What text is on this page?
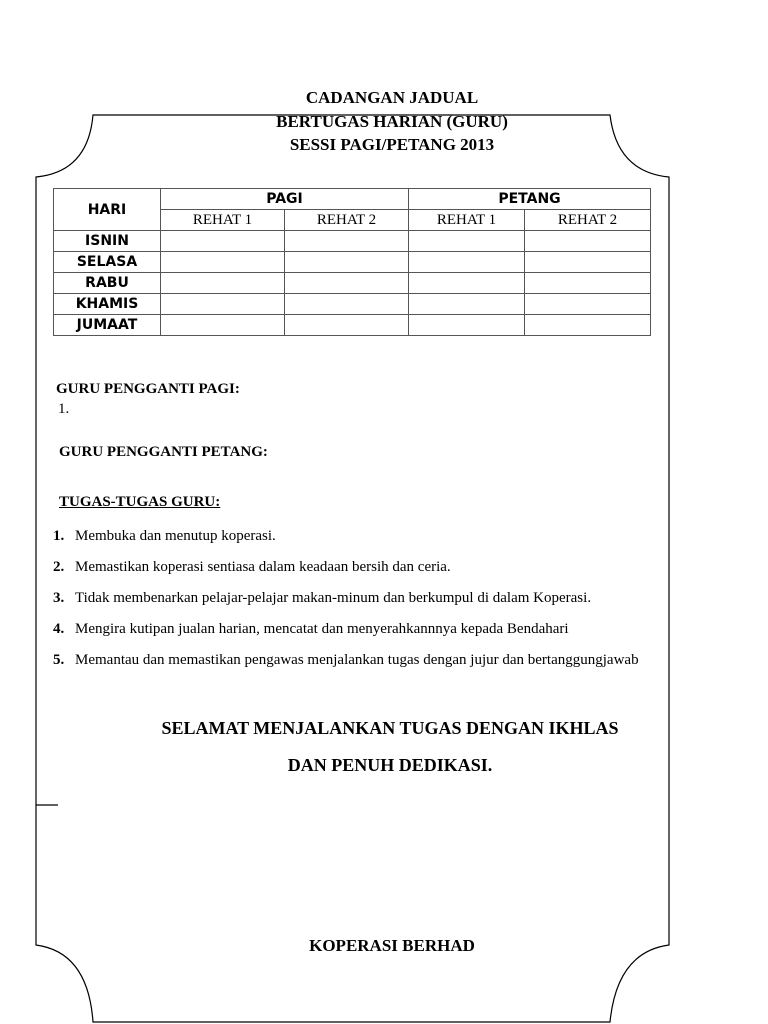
CADANGAN JADUAL
BERTUGAS HARIAN (GURU)
SESSI PAGI/PETANG 2013
HARI	PAGI		PETANG	
	REHAT 1	REHAT 2	REHAT 1	REHAT 2
ISNIN				
SELASA				
RABU				
KHAMIS				
JUMAAT				
GURU PENGGANTI PAGI:
1.
GURU PENGGANTI PETANG:
TUGAS-TUGAS GURU:
1. Membuka dan menutup koperasi.
2. Memastikan koperasi sentiasa dalam keadaan bersih dan ceria.
3. Tidak membenarkan pelajar-pelajar makan-minum dan berkumpul di dalam Koperasi.
4. Mengira kutipan jualan harian, mencatat dan menyerahkannnya kepada Bendahari
5. Memantau dan memastikan pengawas menjalankan tugas dengan jujur dan bertanggungjawab
SELAMAT MENJALANKAN TUGAS DENGAN IKHLAS
DAN PENUH DEDIKASI.
KOPERASI BERHAD
